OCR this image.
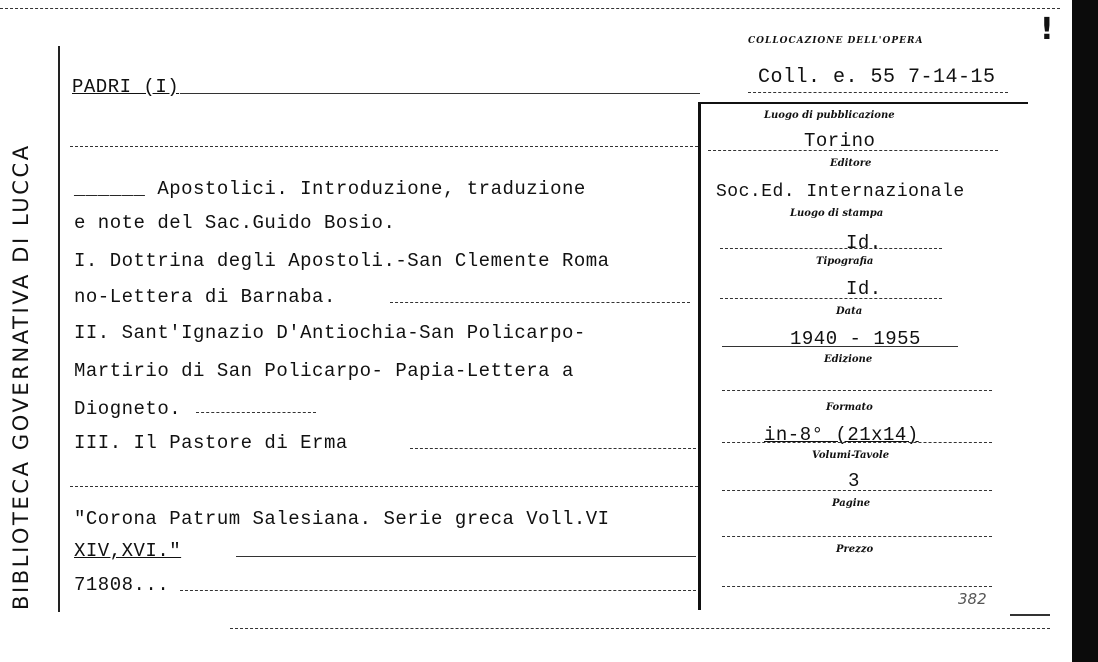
!
BIBLIOTECA GOVERNATIVA DI LUCCA
COLLOCAZIONE DELL'OPERA
Coll. e. 55 7-14-15
PADRI (I)
______ Apostolici. Introduzione, traduzione
e note del Sac.Guido Bosio.
I. Dottrina degli Apostoli.-San Clemente Roma
no-Lettera di Barnaba.
II. Sant'Ignazio D'Antiochia-San Policarpo-
Martirio di San Policarpo- Papia-Lettera a
Diogneto.
III. Il Pastore di Erma
"Corona Patrum Salesiana. Serie greca Voll.VI
XIV,XVI."
71808...
382
Luogo di pubblicazione
Torino
Editore
Soc.Ed. Internazionale
Luogo di stampa
Id.
Tipografia
Id.
Data
1940 - 1955
Edizione
Formato
in-8° (21x14)
Volumi-Tavole
3
Pagine
Prezzo
